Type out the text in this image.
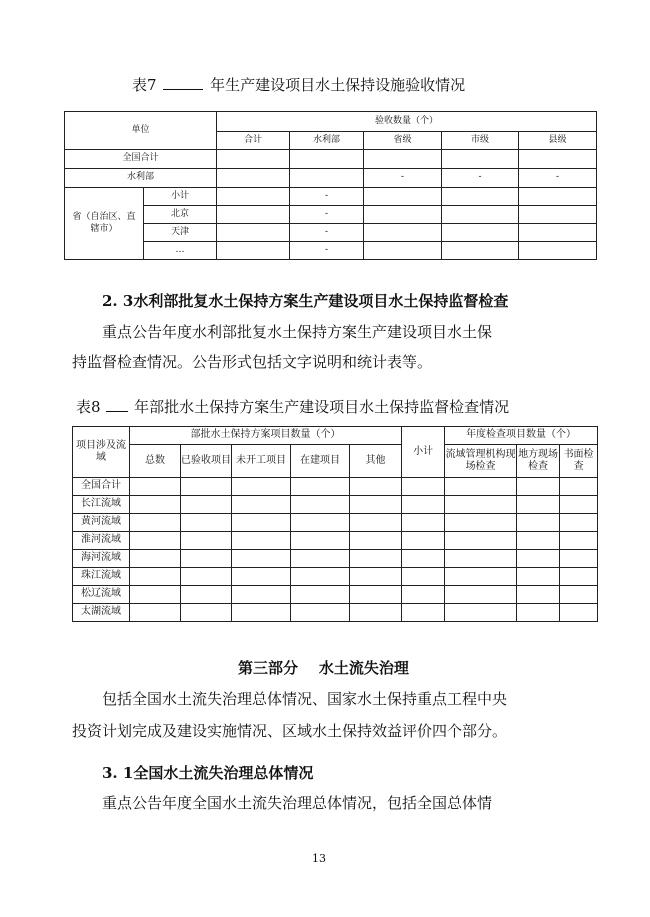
表7	年生产建设项目水土保持设施验收情况
单位		验收数量（个）				
		合计	水利部	省级	市级	县级
全国合计						
水利部				-	-	-
省（自治区、直辖市）	小计		-			
	北京		-			
	天津		-			
	…		-			
2. 3水利部批复水土保持方案生产建设项目水土保持监督检查
重点公告年度水利部批复水土保持方案生产建设项目水土保
持监督检查情况。公告形式包括文字说明和统计表等。
表8 年部批水土保持方案生产建设项目水土保持监督检查情况
项目涉及流域	部批水土保持方案项目数量（个）					小计	年度检查项目数量（个）		
	总数	已验收项目	未开工项目	在建项目	其他		流域管理机构现场检查	地方现场检查	书面检查
全国合计									
长江流域									
黄河流域									
淮河流域									
海河流域									
珠江流域									
松辽流域									
太湖流域									
第三部分    水土流失治理
包括全国水土流失治理总体情况、国家水土保持重点工程中央
投资计划完成及建设实施情况、区域水土保持效益评价四个部分。
3. 1全国水土流失治理总体情况
重点公告年度全国水土流失治理总体情况，包括全国总体情
13
